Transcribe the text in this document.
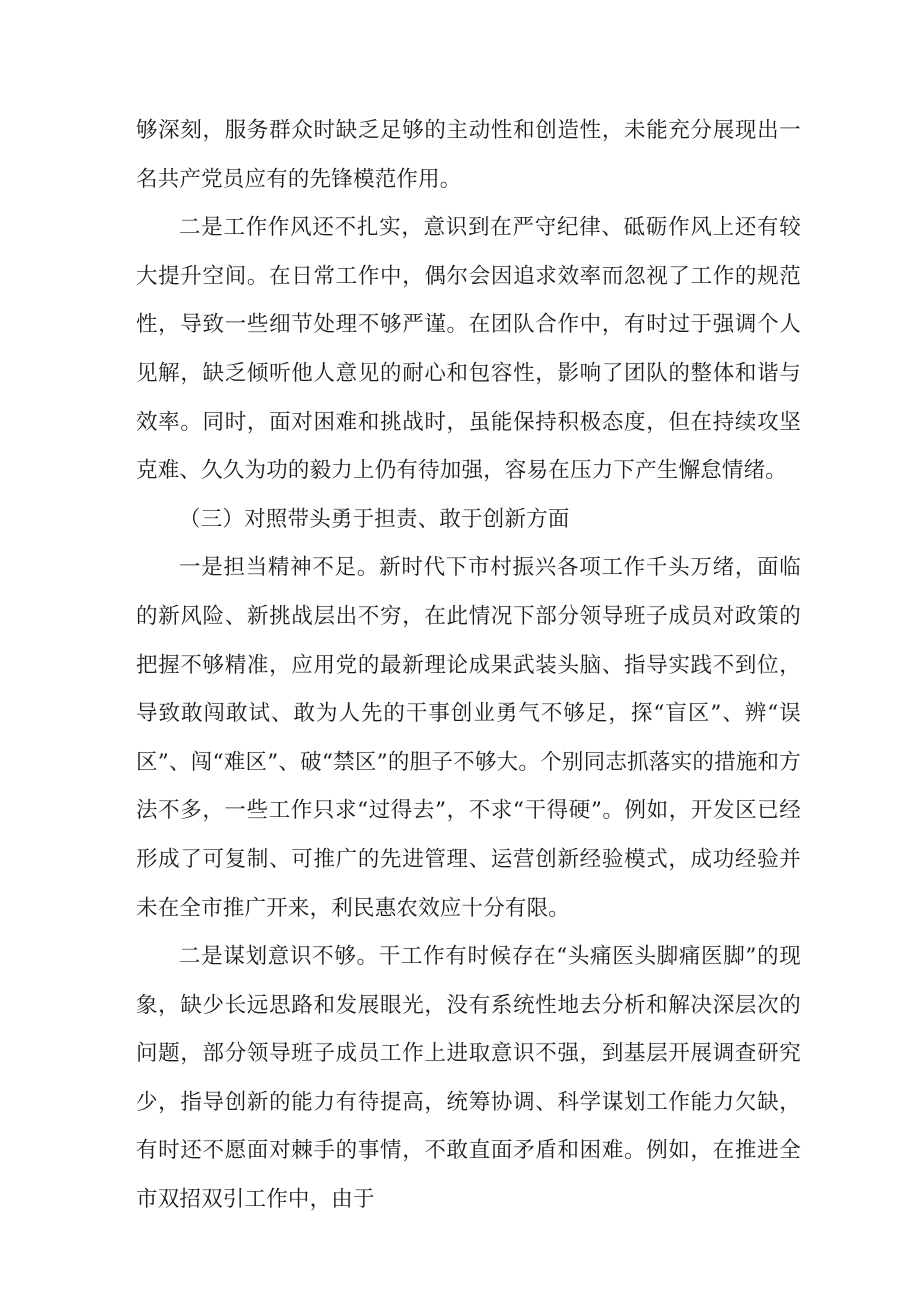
够深刻，服务群众时缺乏足够的主动性和创造性，未能充分展现出一名共产党员应有的先锋模范作用。

二是工作作风还不扎实，意识到在严守纪律、砥砺作风上还有较大提升空间。在日常工作中，偶尔会因追求效率而忽视了工作的规范性，导致一些细节处理不够严谨。在团队合作中，有时过于强调个人见解，缺乏倾听他人意见的耐心和包容性，影响了团队的整体和谐与效率。同时，面对困难和挑战时，虽能保持积极态度，但在持续攻坚克难、久久为功的毅力上仍有待加强，容易在压力下产生懈怠情绪。

（三）对照带头勇于担责、敢于创新方面

一是担当精神不足。新时代下市村振兴各项工作千头万绪，面临的新风险、新挑战层出不穷，在此情况下部分领导班子成员对政策的把握不够精准，应用党的最新理论成果武装头脑、指导实践不到位，导致敢闯敢试、敢为人先的干事创业勇气不够足，探“盲区”、辨“误区”、闯“难区”、破“禁区”的胆子不够大。个别同志抓落实的措施和方法不多，一些工作只求“过得去”，不求“干得硬”。例如，开发区已经形成了可复制、可推广的先进管理、运营创新经验模式，成功经验并未在全市推广开来，利民惠农效应十分有限。

二是谋划意识不够。干工作有时候存在“头痛医头脚痛医脚”的现象，缺少长远思路和发展眼光，没有系统性地去分析和解决深层次的问题，部分领导班子成员工作上进取意识不强，到基层开展调查研究少，指导创新的能力有待提高，统筹协调、科学谋划工作能力欠缺，有时还不愿面对棘手的事情，不敢直面矛盾和困难。例如，在推进全市双招双引工作中，由于
